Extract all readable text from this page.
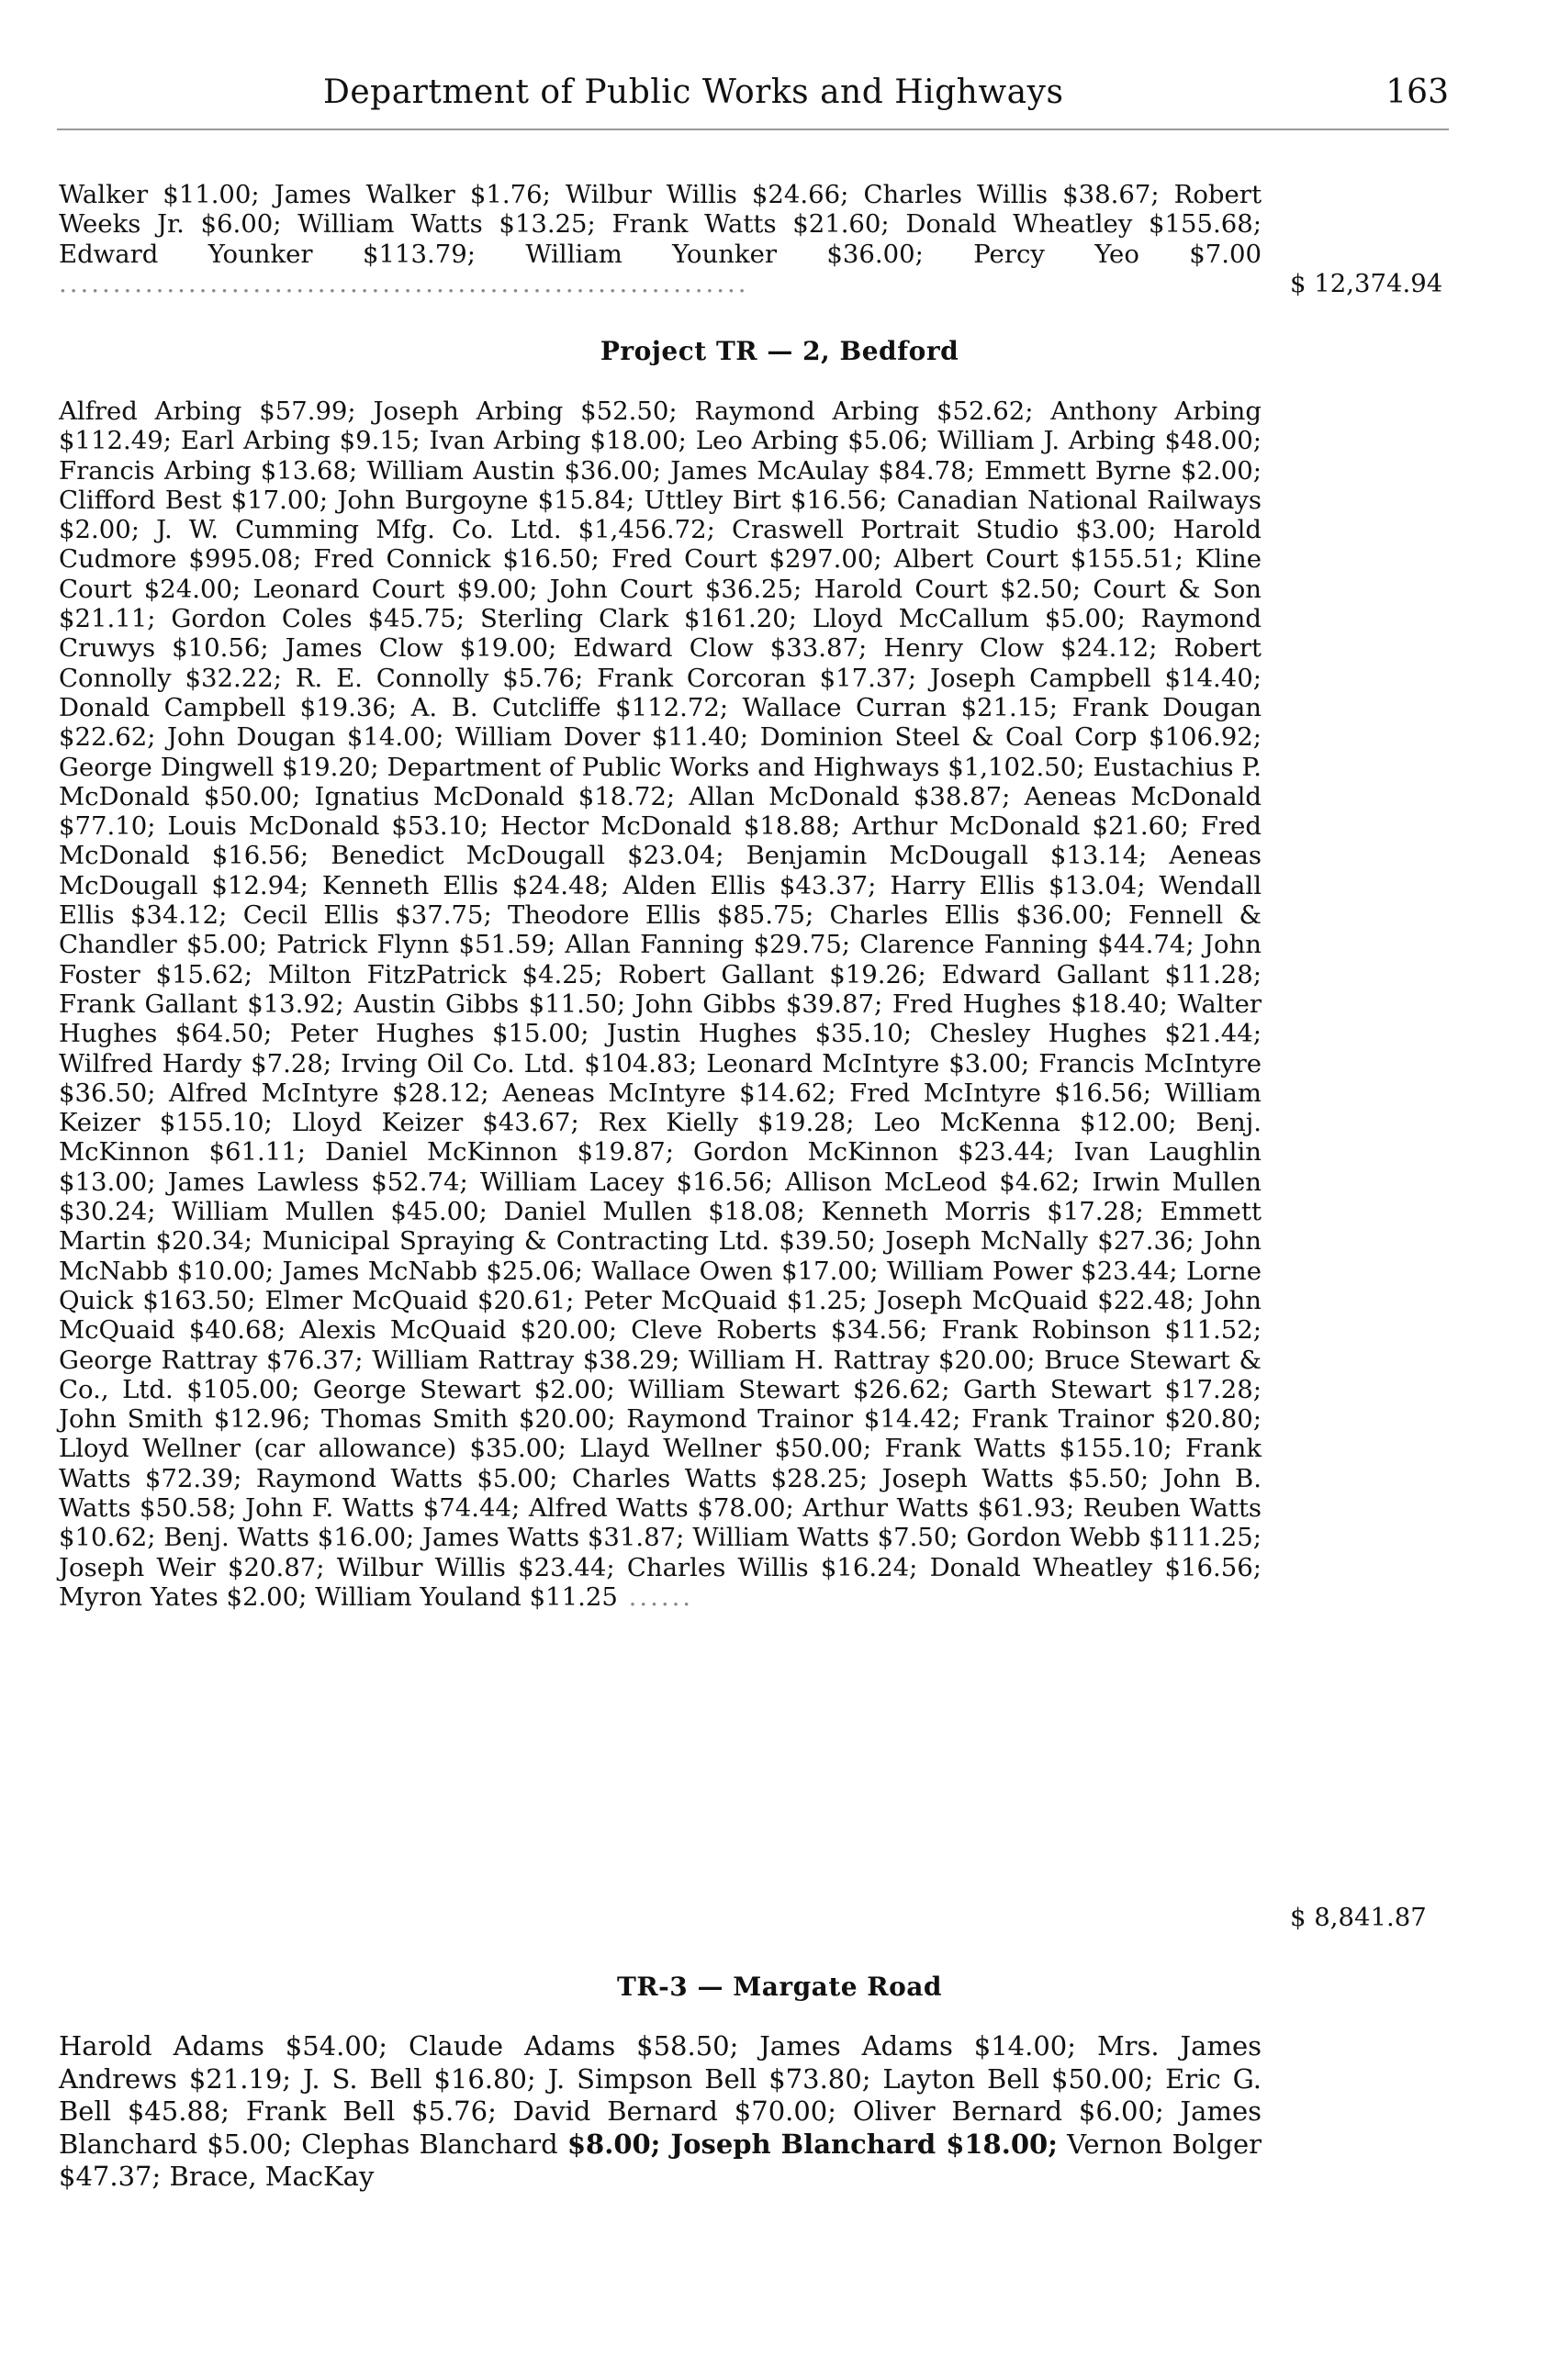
Department of Public Works and Highways	163
Walker $11.00; James Walker $1.76; Wilbur Willis $24.66; Charles Willis $38.67; Robert Weeks Jr. $6.00; William Watts $13.25; Frank Watts $21.60; Donald Wheatley $155.68; Edward Younker $113.79; William Younker $36.00; Percy Yeo $7.00 ................................................................	$ 12,374.94
Project TR — 2, Bedford
Alfred Arbing $57.99; Joseph Arbing $52.50; Raymond Arbing $52.62; Anthony Arbing $112.49; Earl Arbing $9.15; Ivan Arbing $18.00; Leo Arbing $5.06; William J. Arbing $48.00; Francis Arbing $13.68; William Austin $36.00; James McAulay $84.78; Emmett Byrne $2.00; Clifford Best $17.00; John Burgoyne $15.84; Uttley Birt $16.56; Canadian National Railways $2.00; J. W. Cumming Mfg. Co. Ltd. $1,456.72; Craswell Portrait Studio $3.00; Harold Cudmore $995.08; Fred Connick $16.50; Fred Court $297.00; Albert Court $155.51; Kline Court $24.00; Leonard Court $9.00; John Court $36.25; Harold Court $2.50; Court & Son $21.11; Gordon Coles $45.75; Sterling Clark $161.20; Lloyd McCallum $5.00; Raymond Cruwys $10.56; James Clow $19.00; Edward Clow $33.87; Henry Clow $24.12; Robert Connolly $32.22; R. E. Connolly $5.76; Frank Corcoran $17.37; Joseph Campbell $14.40; Donald Campbell $19.36; A. B. Cutcliffe $112.72; Wallace Curran $21.15; Frank Dougan $22.62; John Dougan $14.00; William Dover $11.40; Dominion Steel & Coal Corp $106.92; George Dingwell $19.20; Department of Public Works and Highways $1,102.50; Eustachius P. McDonald $50.00; Ignatius McDonald $18.72; Allan McDonald $38.87; Aeneas McDonald $77.10; Louis McDonald $53.10; Hector McDonald $18.88; Arthur McDonald $21.60; Fred McDonald $16.56; Benedict McDougall $23.04; Benjamin McDougall $13.14; Aeneas McDougall $12.94; Kenneth Ellis $24.48; Alden Ellis $43.37; Harry Ellis $13.04; Wendall Ellis $34.12; Cecil Ellis $37.75; Theodore Ellis $85.75; Charles Ellis $36.00; Fennell & Chandler $5.00; Patrick Flynn $51.59; Allan Fanning $29.75; Clarence Fanning $44.74; John Foster $15.62; Milton FitzPatrick $4.25; Robert Gallant $19.26; Edward Gallant $11.28; Frank Gallant $13.92; Austin Gibbs $11.50; John Gibbs $39.87; Fred Hughes $18.40; Walter Hughes $64.50; Peter Hughes $15.00; Justin Hughes $35.10; Chesley Hughes $21.44; Wilfred Hardy $7.28; Irving Oil Co. Ltd. $104.83; Leonard McIntyre $3.00; Francis McIntyre $36.50; Alfred McIntyre $28.12; Aeneas McIntyre $14.62; Fred McIntyre $16.56; William Keizer $155.10; Lloyd Keizer $43.67; Rex Kielly $19.28; Leo McKenna $12.00; Benj. McKinnon $61.11; Daniel McKinnon $19.87; Gordon McKinnon $23.44; Ivan Laughlin $13.00; James Lawless $52.74; William Lacey $16.56; Allison McLeod $4.62; Irwin Mullen $30.24; William Mullen $45.00; Daniel Mullen $18.08; Kenneth Morris $17.28; Emmett Martin $20.34; Municipal Spraying & Contracting Ltd. $39.50; Joseph McNally $27.36; John McNabb $10.00; James McNabb $25.06; Wallace Owen $17.00; William Power $23.44; Lorne Quick $163.50; Elmer McQuaid $20.61; Peter McQuaid $1.25; Joseph McQuaid $22.48; John McQuaid $40.68; Alexis McQuaid $20.00; Cleve Roberts $34.56; Frank Robinson $11.52; George Rattray $76.37; William Rattray $38.29; William H. Rattray $20.00; Bruce Stewart & Co., Ltd. $105.00; George Stewart $2.00; William Stewart $26.62; Garth Stewart $17.28; John Smith $12.96; Thomas Smith $20.00; Raymond Trainor $14.42; Frank Trainor $20.80; Lloyd Wellner (car allowance) $35.00; Llayd Wellner $50.00; Frank Watts $155.10; Frank Watts $72.39; Raymond Watts $5.00; Charles Watts $28.25; Joseph Watts $5.50; John B. Watts $50.58; John F. Watts $74.44; Alfred Watts $78.00; Arthur Watts $61.93; Reuben Watts $10.62; Benj. Watts $16.00; James Watts $31.87; William Watts $7.50; Gordon Webb $111.25; Joseph Weir $20.87; Wilbur Willis $23.44; Charles Willis $16.24; Donald Wheatley $16.56; Myron Yates $2.00; William Youland $11.25 ......
$ 8,841.87
TR-3 — Margate Road
Harold Adams $54.00; Claude Adams $58.50; James Adams $14.00; Mrs. James Andrews $21.19; J. S. Bell $16.80; J. Simpson Bell $73.80; Layton Bell $50.00; Eric G. Bell $45.88; Frank Bell $5.76; David Bernard $70.00; Oliver Bernard $6.00; James Blanchard $5.00; Clephas Blanchard $8.00; Joseph Blanchard $18.00; Vernon Bolger $47.37; Brace, MacKay
